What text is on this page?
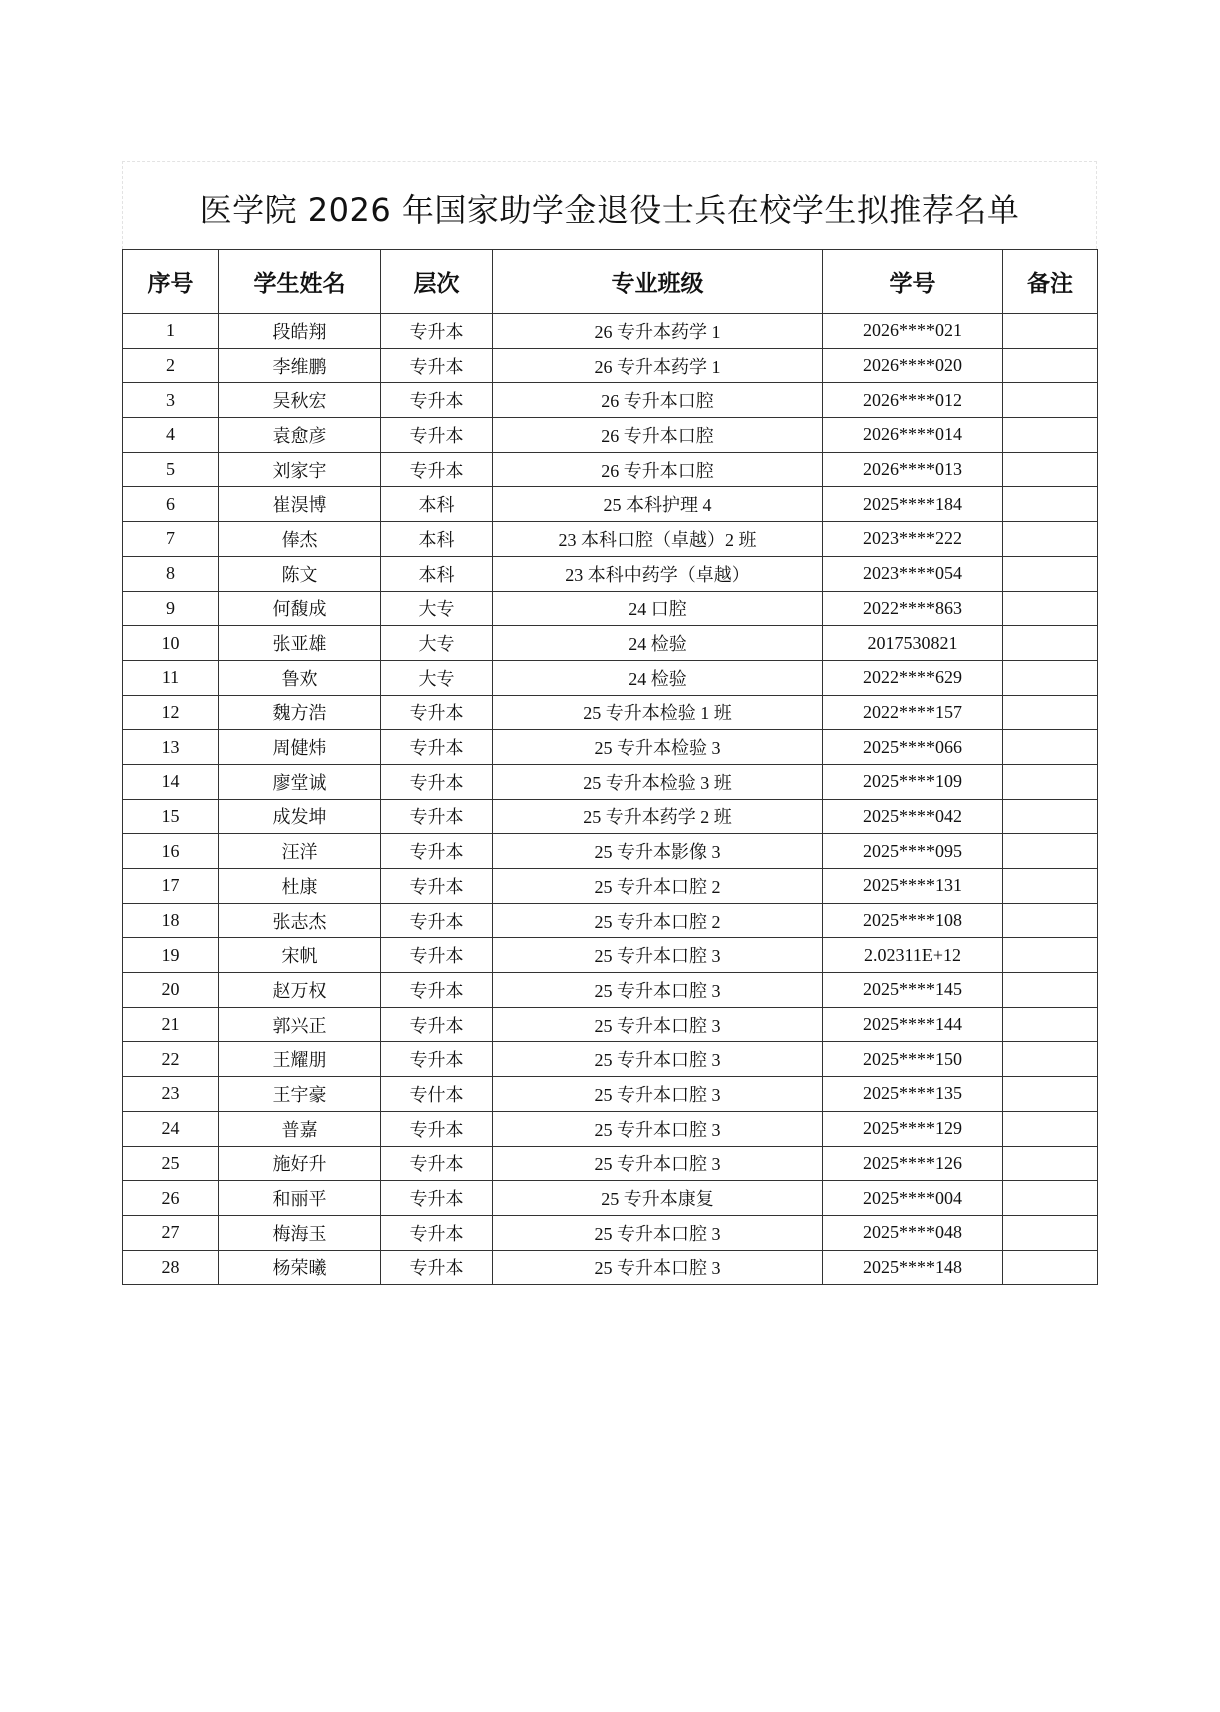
医学院 2026 年国家助学金退役士兵在校学生拟推荐名单
序号	学生姓名	层次	专业班级	学号	备注
1	段皓翔	专升本	26 专升本药学 1	2026****021	
2	李维鹏	专升本	26 专升本药学 1	2026****020	
3	吴秋宏	专升本	26 专升本口腔	2026****012	
4	袁愈彦	专升本	26 专升本口腔	2026****014	
5	刘家宇	专升本	26 专升本口腔	2026****013	
6	崔淏博	本科	25 本科护理 4	2025****184	
7	俸杰	本科	23 本科口腔（卓越）2 班	2023****222	
8	陈文	本科	23 本科中药学（卓越）	2023****054	
9	何馥成	大专	24 口腔	2022****863	
10	张亚雄	大专	24 检验	2017530821	
11	鲁欢	大专	24 检验	2022****629	
12	魏方浩	专升本	25 专升本检验 1 班	2022****157	
13	周健炜	专升本	25 专升本检验 3	2025****066	
14	廖堂诚	专升本	25 专升本检验 3 班	2025****109	
15	成发坤	专升本	25 专升本药学 2 班	2025****042	
16	汪洋	专升本	25 专升本影像 3	2025****095	
17	杜康	专升本	25 专升本口腔 2	2025****131	
18	张志杰	专升本	25 专升本口腔 2	2025****108	
19	宋帆	专升本	25 专升本口腔 3	2.02311E+12	
20	赵万权	专升本	25 专升本口腔 3	2025****145	
21	郭兴正	专升本	25 专升本口腔 3	2025****144	
22	王耀朋	专升本	25 专升本口腔 3	2025****150	
23	王宇豪	专什本	25 专升本口腔 3	2025****135	
24	普嘉	专升本	25 专升本口腔 3	2025****129	
25	施好升	专升本	25 专升本口腔 3	2025****126	
26	和丽平	专升本	25 专升本康复	2025****004	
27	梅海玉	专升本	25 专升本口腔 3	2025****048	
28	杨荣曦	专升本	25 专升本口腔 3	2025****148	
